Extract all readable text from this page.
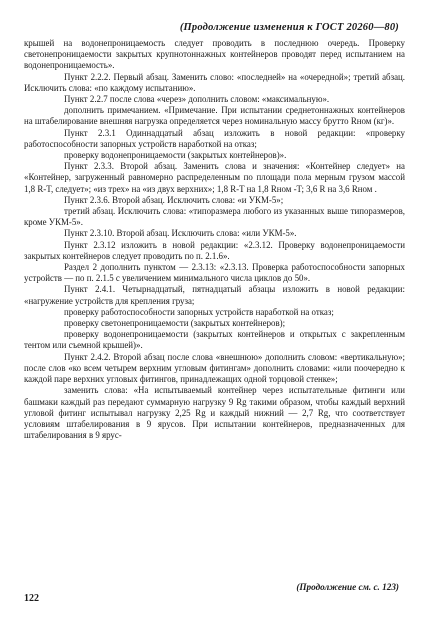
(Продолжение изменения к ГОСТ 20260—80)

крышей на водонепроницаемость следует проводить в последнюю очередь. Проверку светонепроницаемости закрытых крупнотоннажных контейнеров проводят перед испытанием на водонепроницаемость».

Пункт 2.2.2. Первый абзац. Заменить слово: «последней» на «очередной»; третий абзац. Исключить слова: «по каждому испытанию».

Пункт 2.2.7 после слова «через» дополнить словом: «максимальную».

дополнить примечанием. «Примечание. При испытании среднетоннажных контейнеров на штабелирование внешняя нагрузка определяется через номинальную массу брутто Rном (кг)».

Пункт 2.3.1 Одиннадцатый абзац изложить в новой редакции: «проверку работоспособности запорных устройств наработкой на отказ;

проверку водонепроницаемости (закрытых контейнеров)».

Пункт 2.3.3. Второй абзац. Заменить слова и значения: «Контейнер следует» на «Контейнер, загруженный равномерно распределенным по площади пола мерным грузом массой 1,8 R-T, следует»; «из трех» на «из двух верхних»; 1,8 R-T на 1,8 Rном -T; 3,6 R на 3,6 Rном .

Пункт 2.3.6. Второй абзац. Исключить слова: «и УКМ-5»;

третий абзац. Исключить слова: «типоразмера любого из указанных выше типоразмеров, кроме УКМ-5».

Пункт 2.3.10. Второй абзац. Исключить слова: «или УКМ-5».

Пункт 2.3.12 изложить в новой редакции: «2.3.12. Проверку водонепроницаемости закрытых контейнеров следует проводить по п. 2.1.6».

Раздел 2 дополнить пунктом — 2.3.13: «2.3.13. Проверка работоспособности запорных устройств — по п. 2.1.5 с увеличением минимального числа циклов до 50».

Пункт 2.4.1. Четырнадцатый, пятнадцатый абзацы изложить в новой редакции: «нагружение устройств для крепления груза;

проверку работоспособности запорных устройств наработкой на отказ;

проверку светонепроницаемости (закрытых контейнеров);

проверку водонепроницаемости (закрытых контейнеров и открытых с закрепленным тентом или съемной крышей)».

Пункт 2.4.2. Второй абзац после слова «внешнюю» дополнить словом: «вертикальную»; после слов «ко всем четырем верхним угловым фитингам» дополнить словами: «или поочередно к каждой паре верхних угловых фитингов, принадлежащих одной торцовой стенке»;

заменить слова: «На испытываемый контейнер через испытательные фитинги или башмаки каждый раз передают суммарную нагрузку 9 Rg такими образом, чтобы каждый верхний угловой фитинг испытывал нагрузку 2,25 Rg и каждый нижний — 2,7 Rg, что соответствует условиям штабелирования в 9 ярусов. При испытании контейнеров, предназначенных для штабелирования в 9 ярус-

(Продолжение см. с. 123)
122
